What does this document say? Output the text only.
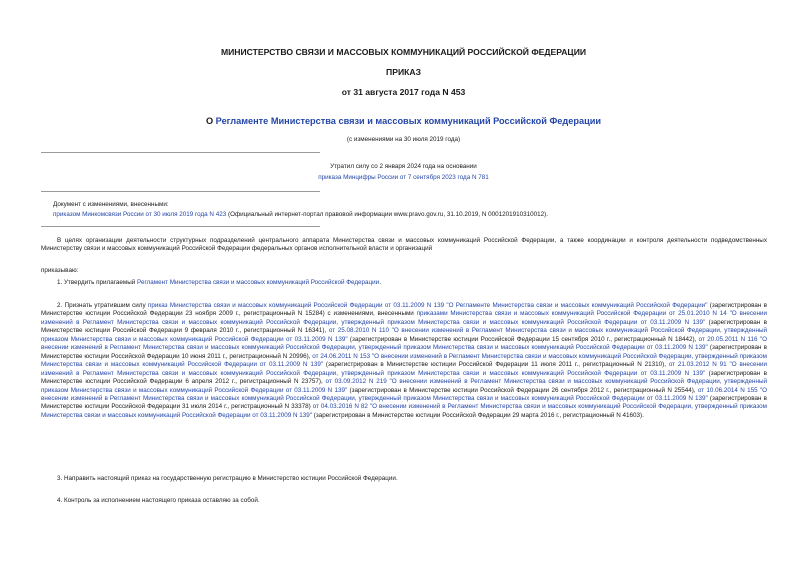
МИНИСТЕРСТВО СВЯЗИ И МАССОВЫХ КОММУНИКАЦИЙ РОССИЙСКОЙ ФЕДЕРАЦИИ
ПРИКАЗ
от 31 августа 2017 года N 453
О Регламенте Министерства связи и массовых коммуникаций Российской Федерации
(с изменениями на 30 июля 2019 года)
Утратил силу со 2 января 2024 года на основании
приказа Минцифры России от 7 сентября 2023 года N 781
Документ с изменениями, внесенными:
приказом Минкомсвязи России от 30 июля 2019 года N 423 (Официальный интернет-портал правовой информации www.pravo.gov.ru, 31.10.2019, N 0001201910310012).
В целях организации деятельности структурных подразделений центрального аппарата Министерства связи и массовых коммуникаций Российской Федерации, а также координации и контроля деятельности подведомственных Министерству связи и массовых коммуникаций Российской Федерации федеральных органов исполнительной власти и организаций
приказываю:
1. Утвердить прилагаемый Регламент Министерства связи и массовых коммуникаций Российской Федерации.
2. Признать утратившим силу приказ Министерства связи и массовых коммуникаций Российской Федерации от 03.11.2009 N 139 "О Регламенте Министерства связи и массовых коммуникаций Российской Федерации" (зарегистрирован в Министерстве юстиции Российской Федерации 23 ноября 2009 г., регистрационный N 15284) с изменениями, внесенными приказами Министерства связи и массовых коммуникаций Российской Федерации от 25.01.2010 N 14 "О внесении изменений в Регламент Министерства связи и массовых коммуникаций Российской Федерации, утвержденный приказом Министерства связи и массовых коммуникаций Российской Федерации от 03.11.2009 N 139" (зарегистрирован в Министерстве юстиции Российской Федерации 9 февраля 2010 г., регистрационный N 16341), от 25.08.2010 N 110 "О внесении изменений в Регламент Министерства связи и массовых коммуникаций Российской Федерации, утвержденный приказом Министерства связи и массовых коммуникаций Российской Федерации от 03.11.2009 N 139" (зарегистрирован в Министерстве юстиции Российской Федерации 15 сентября 2010 г., регистрационный N 18442), от 20.05.2011 N 116 "О внесении изменений в Регламент Министерства связи и массовых коммуникаций Российской Федерации, утвержденный приказом Министерства связи и массовых коммуникаций Российской Федерации от 03.11.2009 N 139" (зарегистрирован в Министерстве юстиции Российской Федерации 10 июня 2011 г., регистрационный N 20996), от 24.06.2011 N 153 "О внесении изменений в Регламент Министерства связи и массовых коммуникаций Российской Федерации, утвержденный приказом Министерства связи и массовых коммуникаций Российской Федерации от 03.11.2009 N 139" (зарегистрирован в Министерстве юстиции Российской Федерации 11 июля 2011 г., регистрационный N 21310), от 21.03.2012 N 91 "О внесении изменений в Регламент Министерства связи и массовых коммуникаций Российской Федерации, утвержденный приказом Министерства связи и массовых коммуникаций Российской Федерации от 03.11.2009 N 139" (зарегистрирован в Министерстве юстиции Российской Федерации 6 апреля 2012 г., регистрационный N 23757), от 03.09.2012 N 219 "О внесении изменений в Регламент Министерства связи и массовых коммуникаций Российской Федерации, утвержденный приказом Министерства связи и массовых коммуникаций Российской Федерации от 03.11.2009 N 139" (зарегистрирован в Министерстве юстиции Российской Федерации 26 сентября 2012 г., регистрационный N 25544), от 10.06.2014 N 155 "О внесении изменений в Регламент Министерства связи и массовых коммуникаций Российской Федерации, утвержденный приказом Министерства связи и массовых коммуникаций Российской Федерации от 03.11.2009 N 139" (зарегистрирован в Министерстве юстиции Российской Федерации 31 июля 2014 г., регистрационный N 33378) от 04.03.2016 N 82 "О внесении изменений в Регламент Министерства связи и массовых коммуникаций Российской Федерации, утвержденный приказом Министерства связи и массовых коммуникаций Российской Федерации от 03.11.2009 N 139" (зарегистрирован в Министерстве юстиции Российской Федерации 29 марта 2016 г., регистрационный N 41603).
3. Направить настоящий приказ на государственную регистрацию в Министерство юстиции Российской Федерации.
4. Контроль за исполнением настоящего приказа оставляю за собой.
